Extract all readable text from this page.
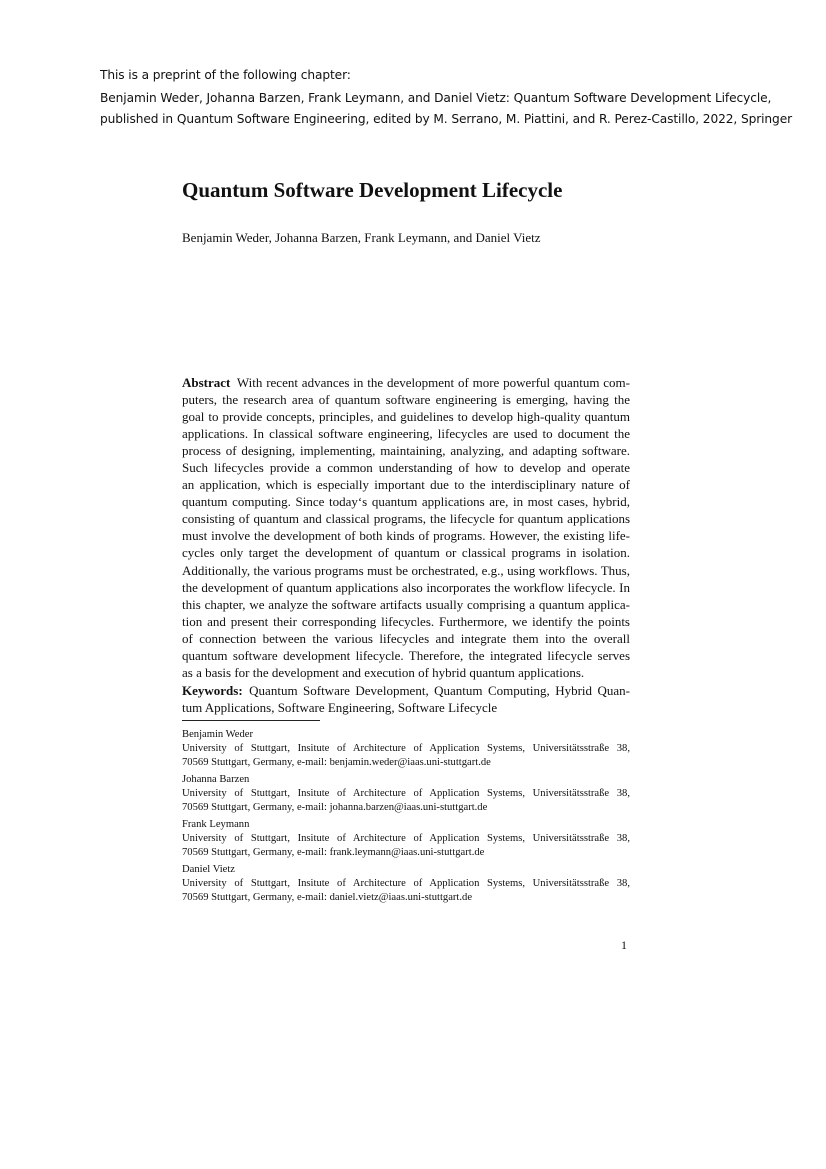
This is a preprint of the following chapter:
Benjamin Weder, Johanna Barzen, Frank Leymann, and Daniel Vietz: Quantum Software Development Lifecycle,
published in Quantum Software Engineering, edited by M. Serrano, M. Piattini, and R. Perez-Castillo, 2022, Springer
Quantum Software Development Lifecycle
Benjamin Weder, Johanna Barzen, Frank Leymann, and Daniel Vietz
Abstract  With recent advances in the development of more powerful quantum com-
puters, the research area of quantum software engineering is emerging, having the
goal to provide concepts, principles, and guidelines to develop high-quality quantum
applications. In classical software engineering, lifecycles are used to document the
process of designing, implementing, maintaining, analyzing, and adapting software.
Such lifecycles provide a common understanding of how to develop and operate
an application, which is especially important due to the interdisciplinary nature of
quantum computing. Since today‘s quantum applications are, in most cases, hybrid,
consisting of quantum and classical programs, the lifecycle for quantum applications
must involve the development of both kinds of programs. However, the existing life-
cycles only target the development of quantum or classical programs in isolation.
Additionally, the various programs must be orchestrated, e.g., using workflows. Thus,
the development of quantum applications also incorporates the workflow lifecycle. In
this chapter, we analyze the software artifacts usually comprising a quantum applica-
tion and present their corresponding lifecycles. Furthermore, we identify the points
of connection between the various lifecycles and integrate them into the overall
quantum software development lifecycle. Therefore, the integrated lifecycle serves
as a basis for the development and execution of hybrid quantum applications.
Keywords:  Quantum Software Development, Quantum Computing, Hybrid Quan-
tum Applications, Software Engineering, Software Lifecycle
Benjamin Weder
University of Stuttgart, Insitute of Architecture of Application Systems, Universitätsstraße 38,
70569 Stuttgart, Germany, e-mail: benjamin.weder@iaas.uni-stuttgart.de
Johanna Barzen
University of Stuttgart, Insitute of Architecture of Application Systems, Universitätsstraße 38,
70569 Stuttgart, Germany, e-mail: johanna.barzen@iaas.uni-stuttgart.de
Frank Leymann
University of Stuttgart, Insitute of Architecture of Application Systems, Universitätsstraße 38,
70569 Stuttgart, Germany, e-mail: frank.leymann@iaas.uni-stuttgart.de
Daniel Vietz
University of Stuttgart, Insitute of Architecture of Application Systems, Universitätsstraße 38,
70569 Stuttgart, Germany, e-mail: daniel.vietz@iaas.uni-stuttgart.de
1
